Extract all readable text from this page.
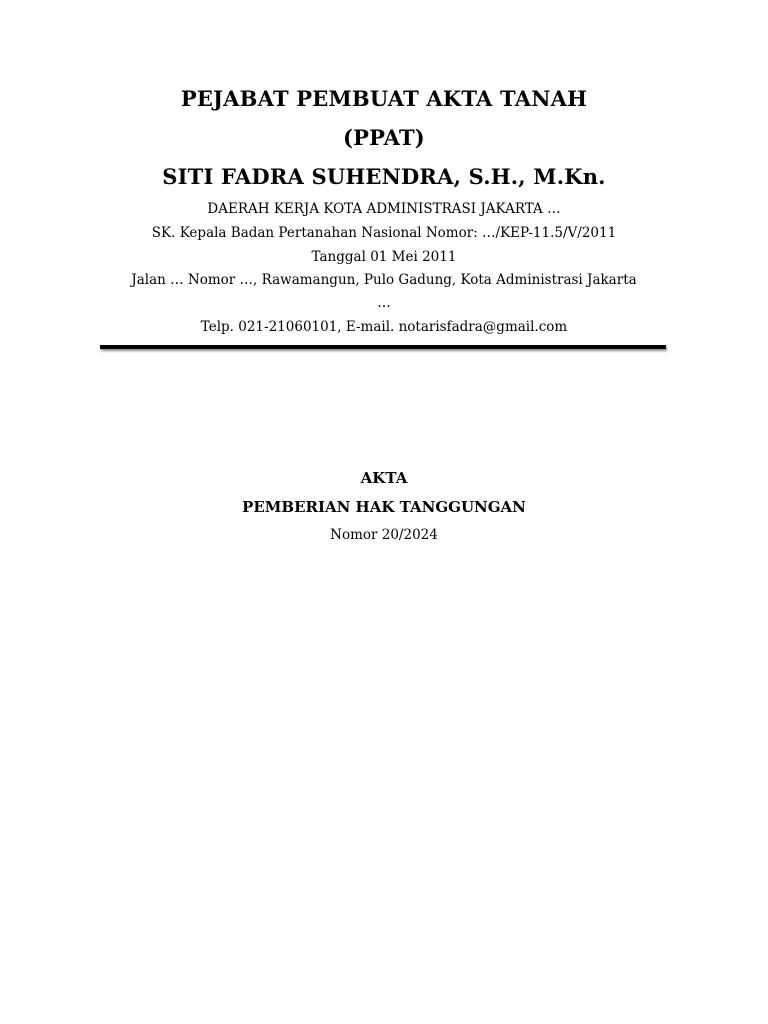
PEJABAT PEMBUAT AKTA TANAH
(PPAT)
SITI FADRA SUHENDRA, S.H., M.Kn.
DAERAH KERJA KOTA ADMINISTRASI JAKARTA …
SK. Kepala Badan Pertanahan Nasional Nomor: …/KEP-11.5/V/2011
Tanggal 01 Mei 2011
Jalan … Nomor …, Rawamangun, Pulo Gadung, Kota Administrasi Jakarta
…
Telp. 021-21060101, E-mail. notarisfadra@gmail.com
AKTA
PEMBERIAN HAK TANGGUNGAN
Nomor 20/2024
